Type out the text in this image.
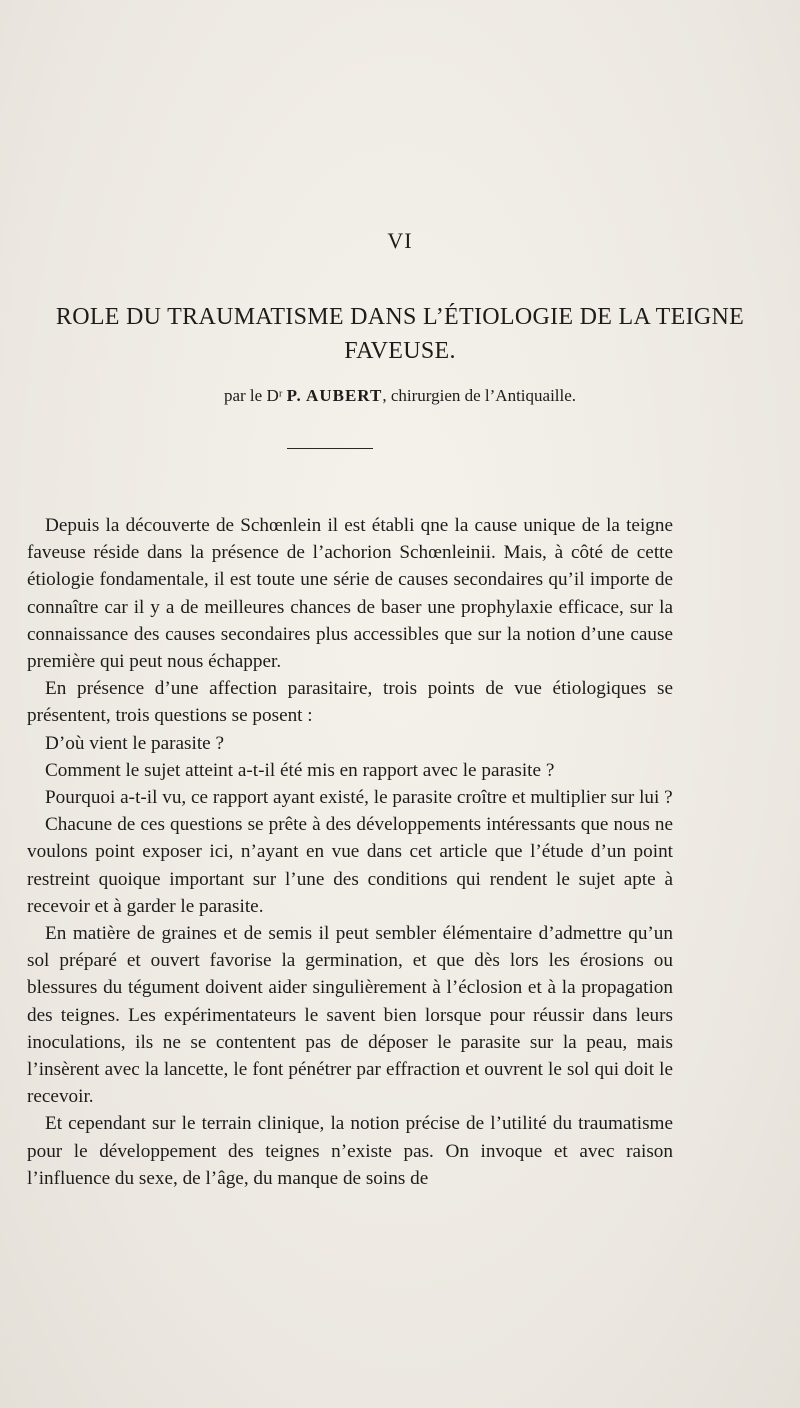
VI
ROLE DU TRAUMATISME DANS L’ÉTIOLOGIE DE LA TEIGNE
FAVEUSE.
par le Dʳ P. AUBERT, chirurgien de l’Antiquaille.

Depuis la découverte de Schœnlein il est établi qne la cause unique de la teigne faveuse réside dans la présence de l’achorion Schœnleinii. Mais, à côté de cette étiologie fondamentale, il est toute une série de causes secondaires qu’il importe de connaître car il y a de meilleures chances de baser une prophylaxie efficace, sur la connaissance des causes secondaires plus accessibles que sur la notion d’une cause première qui peut nous échapper.

En présence d’une affection parasitaire, trois points de vue étiologiques se présentent, trois questions se posent :

D’où vient le parasite ?

Comment le sujet atteint a-t-il été mis en rapport avec le parasite ?

Pourquoi a-t-il vu, ce rapport ayant existé, le parasite croître et multiplier sur lui ?

Chacune de ces questions se prête à des développements intéressants que nous ne voulons point exposer ici, n’ayant en vue dans cet article que l’étude d’un point restreint quoique important sur l’une des conditions qui rendent le sujet apte à recevoir et à garder le parasite.

En matière de graines et de semis il peut sembler élémentaire d’admettre qu’un sol préparé et ouvert favorise la germination, et que dès lors les érosions ou blessures du tégument doivent aider singulièrement à l’éclosion et à la propagation des teignes. Les expérimentateurs le savent bien lorsque pour réussir dans leurs inoculations, ils ne se contentent pas de déposer le parasite sur la peau, mais l’insèrent avec la lancette, le font pénétrer par effraction et ouvrent le sol qui doit le recevoir.

Et cependant sur le terrain clinique, la notion précise de l’utilité du traumatisme pour le développement des teignes n’existe pas. On invoque et avec raison l’influence du sexe, de l’âge, du manque de soins de
